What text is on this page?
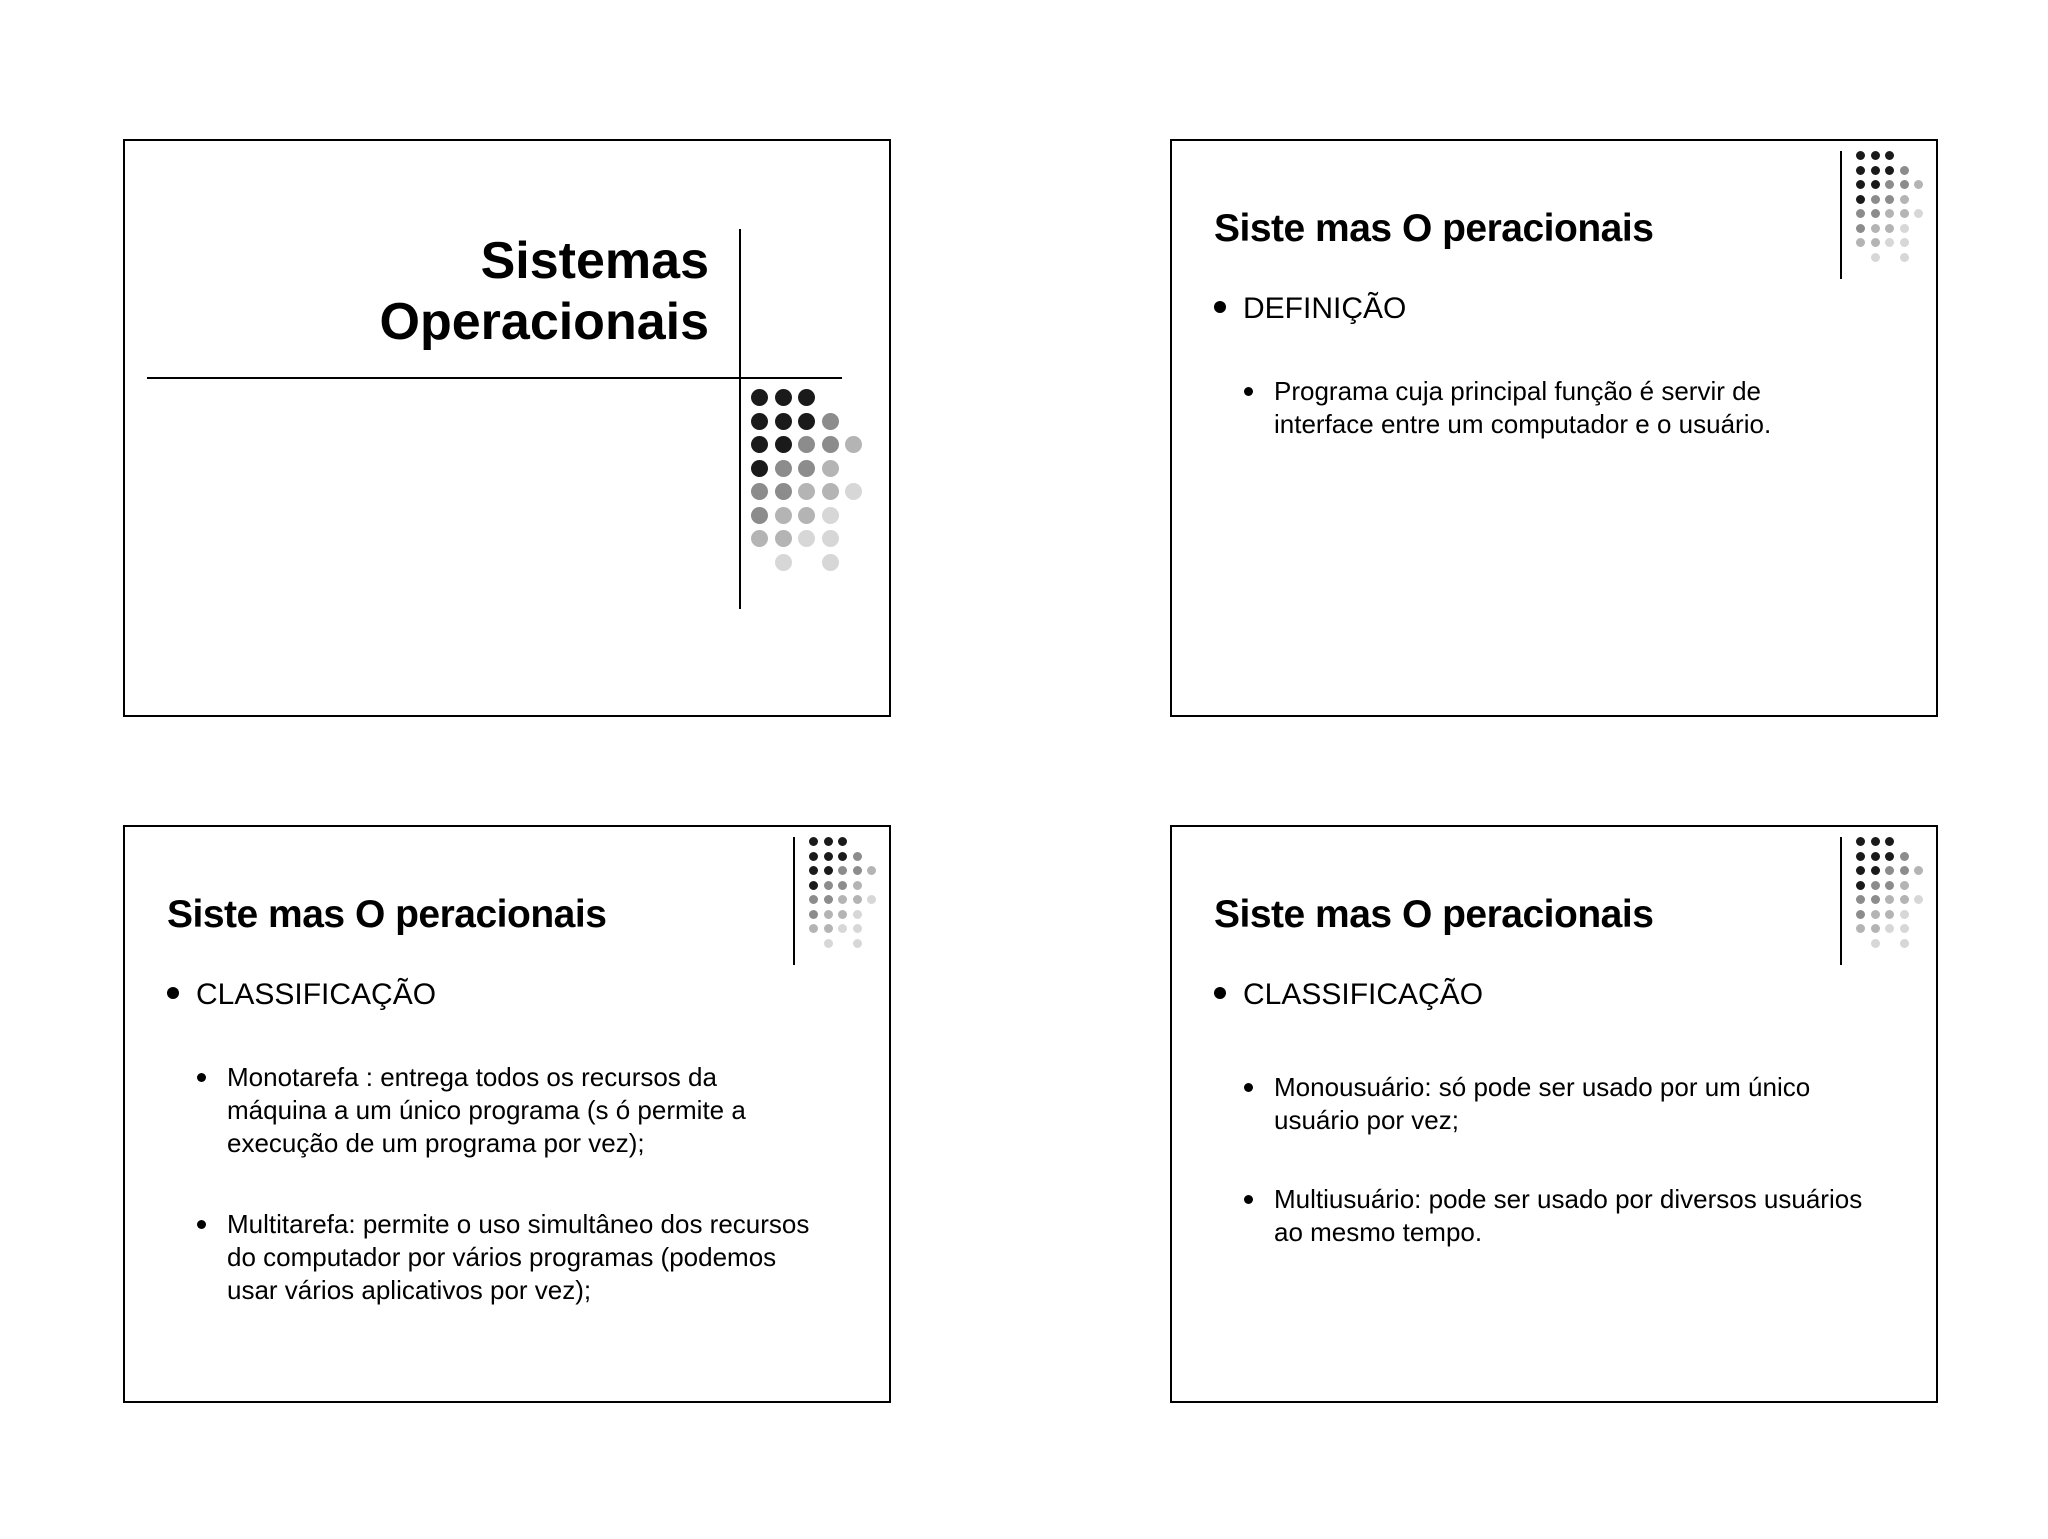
Sistemas
Operacionais
Siste mas O peracionais
DEFINIÇÃO
Programa cuja principal função é servir de interface entre um computador e o usuário.
Siste mas O peracionais
CLASSIFICAÇÃO
Monotarefa : entrega todos os recursos da máquina a um único programa (s ó permite a execução de um programa por vez);
Multitarefa: permite o uso simultâneo dos recursos do computador por vários programas (podemos usar vários aplicativos por vez);
Siste mas O peracionais
CLASSIFICAÇÃO
Monousuário: só pode ser usado por um único usuário por vez;
Multiusuário: pode ser usado por diversos usuários ao mesmo tempo.
